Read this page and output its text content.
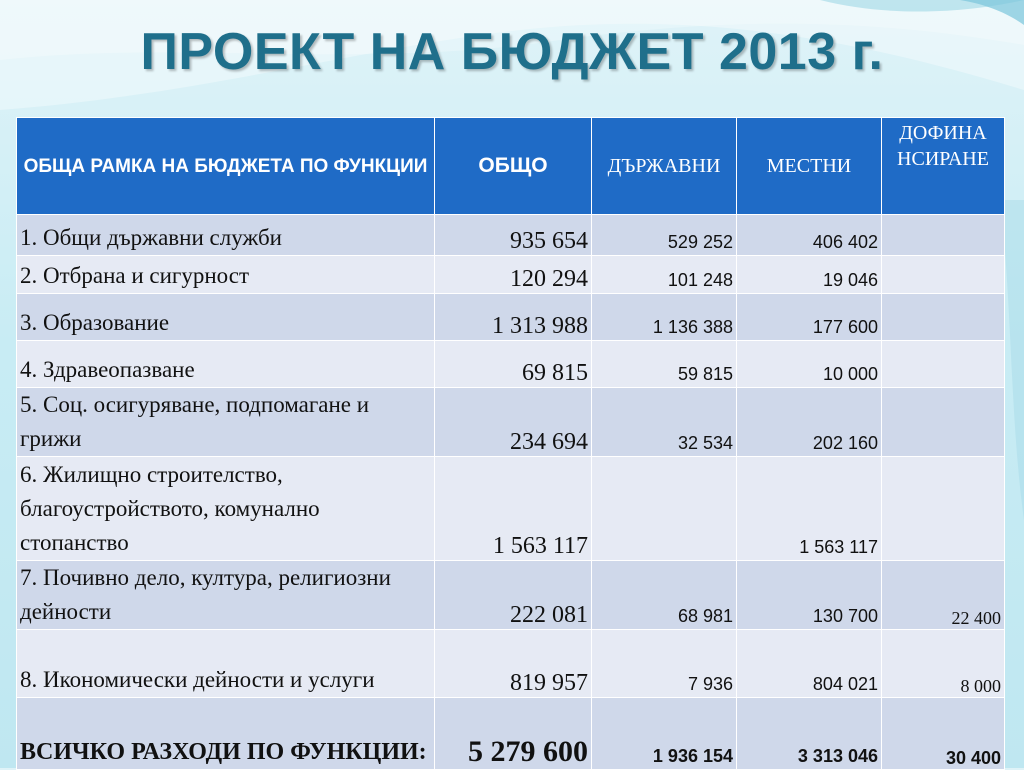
ПРОЕКТ НА БЮДЖЕТ 2013 г.
ОБЩА РАМКА НА БЮДЖЕТА ПО ФУНКЦИИ	ОБЩО	ДЪРЖАВНИ	МЕСТНИ	ДОФИНА НСИРАНЕ
1. Общи държавни служби	935 654	529 252	406 402	
2. Отбрана и сигурност	120 294	101 248	19 046	
3. Образование	1 313 988	1 136 388	177 600	
4. Здравеопазване	69 815	59 815	10 000	
5. Соц. осигуряване, подпомагане и грижи	234 694	32 534	202 160	
6. Жилищно строителство, благоустройството, комунално стопанство	1 563 117		1 563 117	
7. Почивно дело, култура, религиозни дейности	222 081	68 981	130 700	22 400
8. Икономически дейности и услуги	819 957	7 936	804 021	8 000
ВСИЧКО РАЗХОДИ ПО ФУНКЦИИ:	5 279 600	1 936 154	3 313 046	30 400
